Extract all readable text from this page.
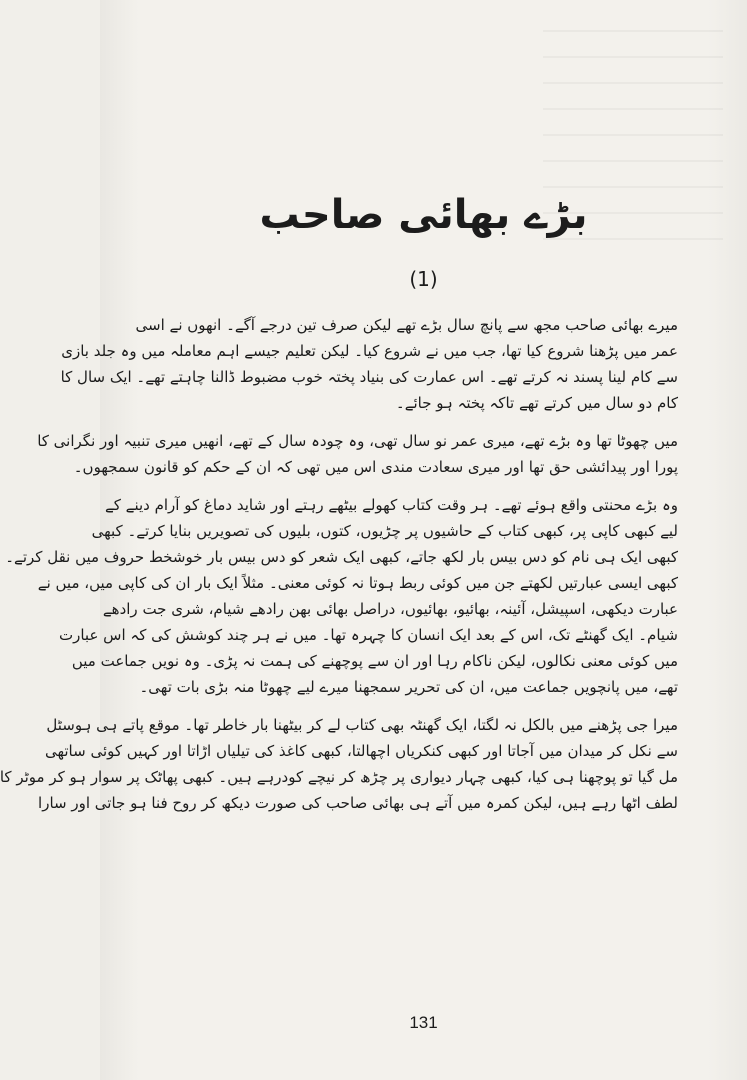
بڑے بھائی صاحب
(1)
میرے بھائی صاحب مجھ سے پانچ سال بڑے تھے لیکن صرف تین درجے آگے۔ انھوں نے اسی
عمر میں پڑھنا شروع کیا تھا، جب میں نے شروع کیا۔ لیکن تعلیم جیسے اہم معاملہ میں وہ جلد بازی
سے کام لینا پسند نہ کرتے تھے۔ اس عمارت کی بنیاد پختہ خوب مضبوط ڈالنا چاہتے تھے۔ ایک سال کا
کام دو سال میں کرتے تھے تاکہ پختہ ہو جائے۔
میں چھوٹا تھا وہ بڑے تھے، میری عمر نو سال تھی، وہ چودہ سال کے تھے، انھیں میری تنبیہ اور نگرانی کا
پورا اور پیدائشی حق تھا اور میری سعادت مندی اس میں تھی کہ ان کے حکم کو قانون سمجھوں۔
وہ بڑے محنتی واقع ہوئے تھے۔ ہر وقت کتاب کھولے بیٹھے رہتے اور شاید دماغ کو آرام دینے کے
لیے کبھی کاپی پر، کبھی کتاب کے حاشیوں پر چڑیوں، کتوں، بلیوں کی تصویریں بنایا کرتے۔ کبھی
کبھی ایک ہی نام کو دس بیس بار لکھ جاتے، کبھی ایک شعر کو دس بیس بار خوشخط حروف میں نقل کرتے۔
کبھی ایسی عبارتیں لکھتے جن میں کوئی ربط ہوتا نہ کوئی معنی۔ مثلاً ایک بار ان کی کاپی میں، میں نے
عبارت دیکھی، اسپیشل، آئینہ، بھائیو، بھائیوں، دراصل بھائی بھن رادھے شیام، شری جت رادھے
شیام۔ ایک گھنٹے تک، اس کے بعد ایک انسان کا چہرہ تھا۔ میں نے ہر چند کوشش کی کہ اس عبارت
میں کوئی معنی نکالوں، لیکن ناکام رہا اور ان سے پوچھنے کی ہمت نہ پڑی۔ وہ نویں جماعت میں
تھے، میں پانچویں جماعت میں، ان کی تحریر سمجھنا میرے لیے چھوٹا منہ بڑی بات تھی۔
میرا جی پڑھنے میں بالکل نہ لگتا، ایک گھنٹہ بھی کتاب لے کر بیٹھنا بار خاطر تھا۔ موقع پاتے ہی ہوسٹل
سے نکل کر میدان میں آجاتا اور کبھی کنکریاں اچھالتا، کبھی کاغذ کی تیلیاں اڑاتا اور کہیں کوئی ساتھی
مل گیا تو پوچھنا ہی کیا، کبھی چہار دیواری پر چڑھ کر نیچے کودرہے ہیں۔ کبھی پھاٹک پر سوار ہو کر موٹر کا
لطف اٹھا رہے ہیں، لیکن کمرہ میں آتے ہی بھائی صاحب کی صورت دیکھ کر روح فنا ہو جاتی اور سارا
131
